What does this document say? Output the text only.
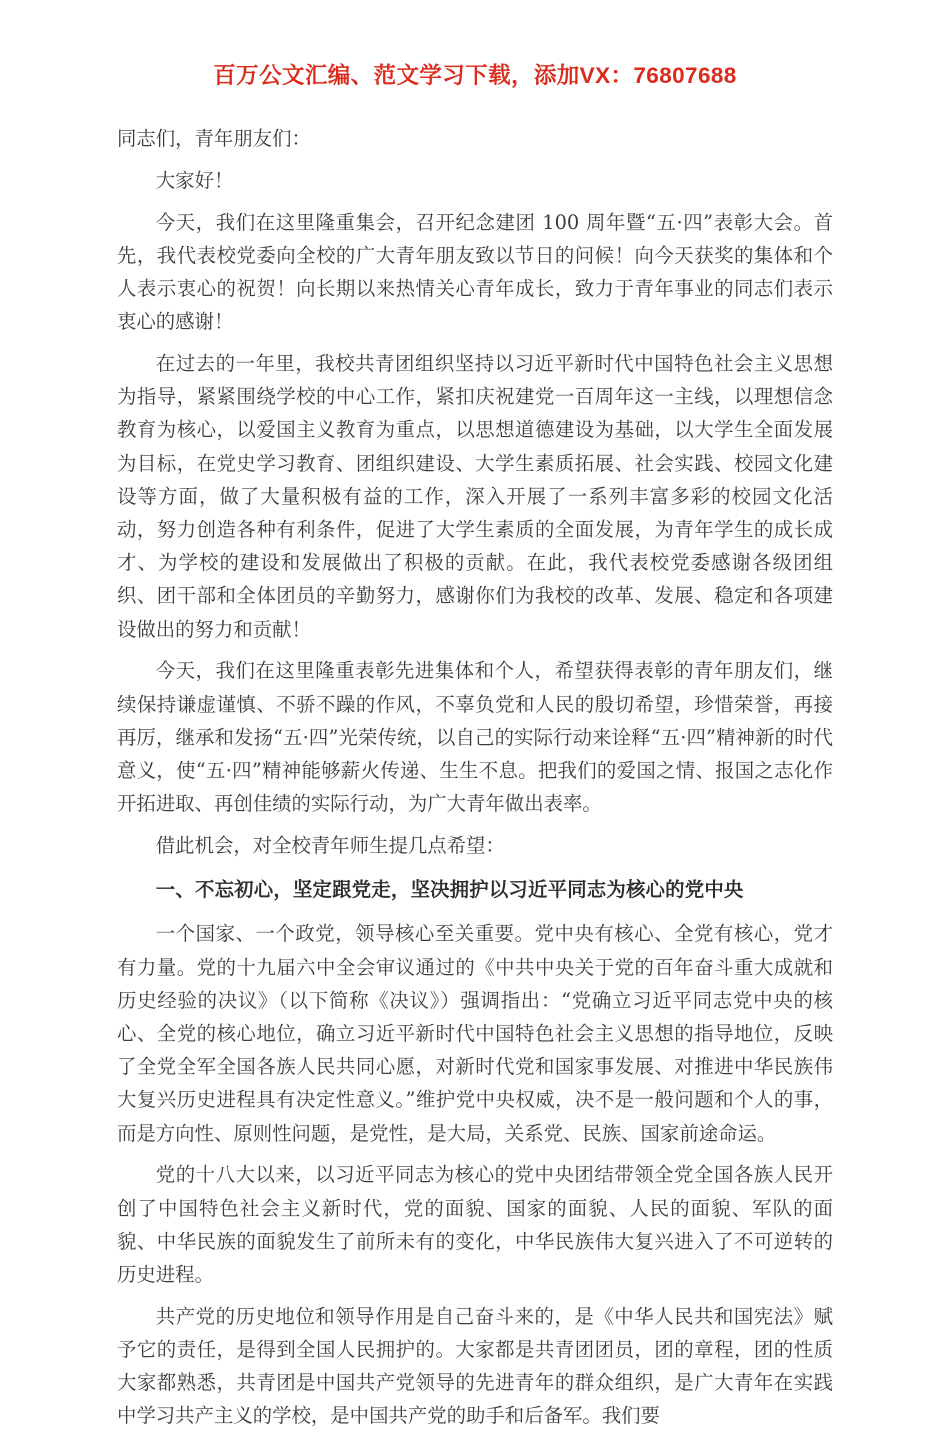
百万公文汇编、范文学习下载，添加VX：76807688

同志们，青年朋友们：

大家好！

今天，我们在这里隆重集会，召开纪念建团 100 周年暨“五·四”表彰大会。首先，我代表校党委向全校的广大青年朋友致以节日的问候！向今天获奖的集体和个人表示衷心的祝贺！向长期以来热情关心青年成长，致力于青年事业的同志们表示衷心的感谢！

在过去的一年里，我校共青团组织坚持以习近平新时代中国特色社会主义思想为指导，紧紧围绕学校的中心工作，紧扣庆祝建党一百周年这一主线，以理想信念教育为核心，以爱国主义教育为重点，以思想道德建设为基础，以大学生全面发展为目标，在党史学习教育、团组织建设、大学生素质拓展、社会实践、校园文化建设等方面，做了大量积极有益的工作，深入开展了一系列丰富多彩的校园文化活动，努力创造各种有利条件，促进了大学生素质的全面发展，为青年学生的成长成才、为学校的建设和发展做出了积极的贡献。在此，我代表校党委感谢各级团组织、团干部和全体团员的辛勤努力，感谢你们为我校的改革、发展、稳定和各项建设做出的努力和贡献！

今天，我们在这里隆重表彰先进集体和个人，希望获得表彰的青年朋友们，继续保持谦虚谨慎、不骄不躁的作风，不辜负党和人民的殷切希望，珍惜荣誉，再接再厉，继承和发扬“五·四”光荣传统，以自己的实际行动来诠释“五·四”精神新的时代意义，使“五·四”精神能够薪火传递、生生不息。把我们的爱国之情、报国之志化作开拓进取、再创佳绩的实际行动，为广大青年做出表率。

借此机会，对全校青年师生提几点希望：

一、不忘初心，坚定跟党走，坚决拥护以习近平同志为核心的党中央

一个国家、一个政党，领导核心至关重要。党中央有核心、全党有核心，党才有力量。党的十九届六中全会审议通过的《中共中央关于党的百年奋斗重大成就和历史经验的决议》（以下简称《决议》）强调指出：“党确立习近平同志党中央的核心、全党的核心地位，确立习近平新时代中国特色社会主义思想的指导地位，反映了全党全军全国各族人民共同心愿，对新时代党和国家事发展、对推进中华民族伟大复兴历史进程具有决定性意义。”维护党中央权威，决不是一般问题和个人的事，而是方向性、原则性问题，是党性，是大局，关系党、民族、国家前途命运。

党的十八大以来，以习近平同志为核心的党中央团结带领全党全国各族人民开创了中国特色社会主义新时代，党的面貌、国家的面貌、人民的面貌、军队的面貌、中华民族的面貌发生了前所未有的变化，中华民族伟大复兴进入了不可逆转的历史进程。

共产党的历史地位和领导作用是自己奋斗来的，是《中华人民共和国宪法》赋予它的责任，是得到全国人民拥护的。大家都是共青团团员，团的章程，团的性质大家都熟悉，共青团是中国共产党领导的先进青年的群众组织，是广大青年在实践中学习共产主义的学校，是中国共产党的助手和后备军。我们要
